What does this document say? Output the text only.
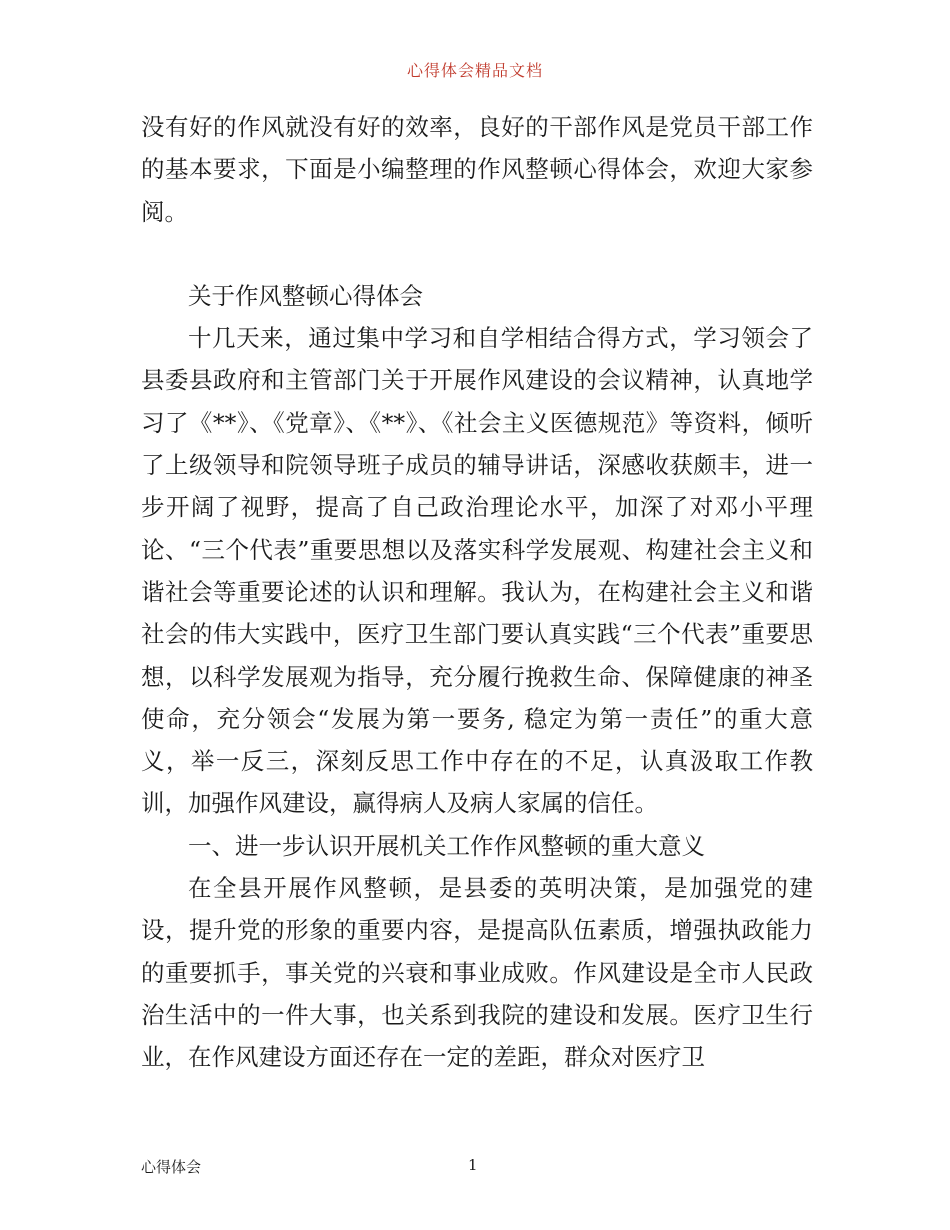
心得体会精品文档

没有好的作风就没有好的效率，良好的干部作风是党员干部工作的基本要求，下面是小编整理的作风整顿心得体会，欢迎大家参阅。

关于作风整顿心得体会

十几天来，通过集中学习和自学相结合得方式，学习领会了县委县政府和主管部门关于开展作风建设的会议精神，认真地学习了《**》、《党章》、《**》、《社会主义医德规范》等资料，倾听了上级领导和院领导班子成员的辅导讲话，深感收获颇丰，进一步开阔了视野，提高了自己政治理论水平，加深了对邓小平理论、“三个代表”重要思想以及落实科学发展观、构建社会主义和谐社会等重要论述的认识和理解。我认为，在构建社会主义和谐社会的伟大实践中，医疗卫生部门要认真实践“三个代表”重要思想，以科学发展观为指导，充分履行挽救生命、保障健康的神圣使命，充分领会“发展为第一要务, 稳定为第一责任”的重大意义，举一反三，深刻反思工作中存在的不足，认真汲取工作教训，加强作风建设，赢得病人及病人家属的信任。

一、进一步认识开展机关工作作风整顿的重大意义

在全县开展作风整顿，是县委的英明决策，是加强党的建设，提升党的形象的重要内容，是提高队伍素质，增强执政能力的重要抓手，事关党的兴衰和事业成败。作风建设是全市人民政治生活中的一件大事，也关系到我院的建设和发展。医疗卫生行业，在作风建设方面还存在一定的差距，群众对医疗卫

心得体会	1
